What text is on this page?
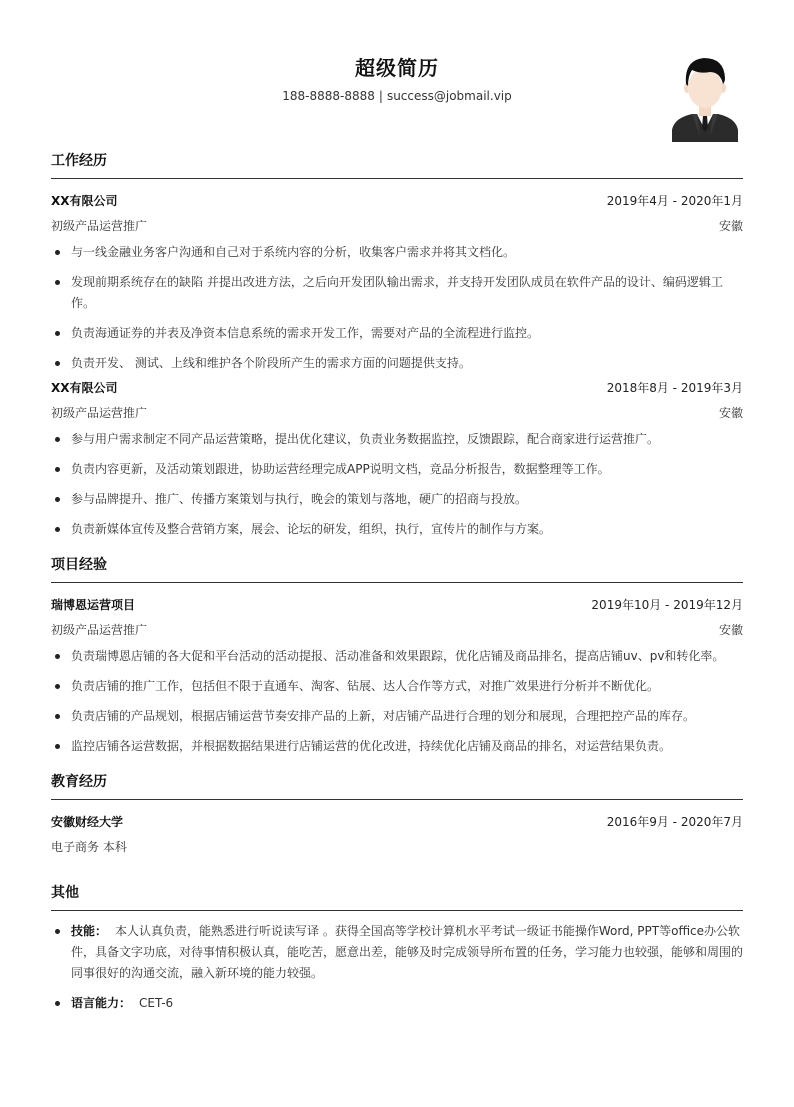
超级简历
188-8888-8888 | success@jobmail.vip
工作经历
XX有限公司	2019年4月 - 2020年1月
初级产品运营推广	安徽
与一线金融业务客户沟通和自己对于系统内容的分析，收集客户需求并将其文档化。
发现前期系统存在的缺陷 并提出改进方法，之后向开发团队输出需求，并支持开发团队成员在软件产品的设计、编码逻辑工作。
负责海通证券的并表及净资本信息系统的需求开发工作，需要对产品的全流程进行监控。
负责开发、 测试、上线和维护各个阶段所产生的需求方面的问题提供支持。
XX有限公司	2018年8月 - 2019年3月
初级产品运营推广	安徽
参与用户需求制定不同产品运营策略，提出优化建议，负责业务数据监控，反馈跟踪，配合商家进行运营推广。
负责内容更新，及活动策划跟进，协助运营经理完成APP说明文档，竞品分析报告，数据整理等工作。
参与品牌提升、推广、传播方案策划与执行，晚会的策划与落地，硬广的招商与投放。
负责新媒体宣传及整合营销方案，展会、论坛的研发，组织，执行，宣传片的制作与方案。
项目经验
瑞博恩运营项目	2019年10月 - 2019年12月
初级产品运营推广	安徽
负责瑞博恩店铺的各大促和平台活动的活动提报、活动准备和效果跟踪，优化店铺及商品排名，提高店铺uv、pv和转化率。
负责店铺的推广工作，包括但不限于直通车、淘客、钻展、达人合作等方式，对推广效果进行分析并不断优化。
负责店铺的产品规划，根据店铺运营节奏安排产品的上新，对店铺产品进行合理的划分和展现，合理把控产品的库存。
监控店铺各运营数据，并根据数据结果进行店铺运营的优化改进，持续优化店铺及商品的排名，对运营结果负责。
教育经历
安徽财经大学	2016年9月 - 2020年7月
电子商务 本科
其他
技能： 本人认真负责，能熟悉进行听说读写译 。获得全国高等学校计算机水平考试一级证书能操作Word, PPT等office办公软件，具备文字功底，对待事情积极认真，能吃苦，愿意出差，能够及时完成领导所布置的任务，学习能力也较强，能够和周围的同事很好的沟通交流，融入新环境的能力较强。
语言能力： CET-6
